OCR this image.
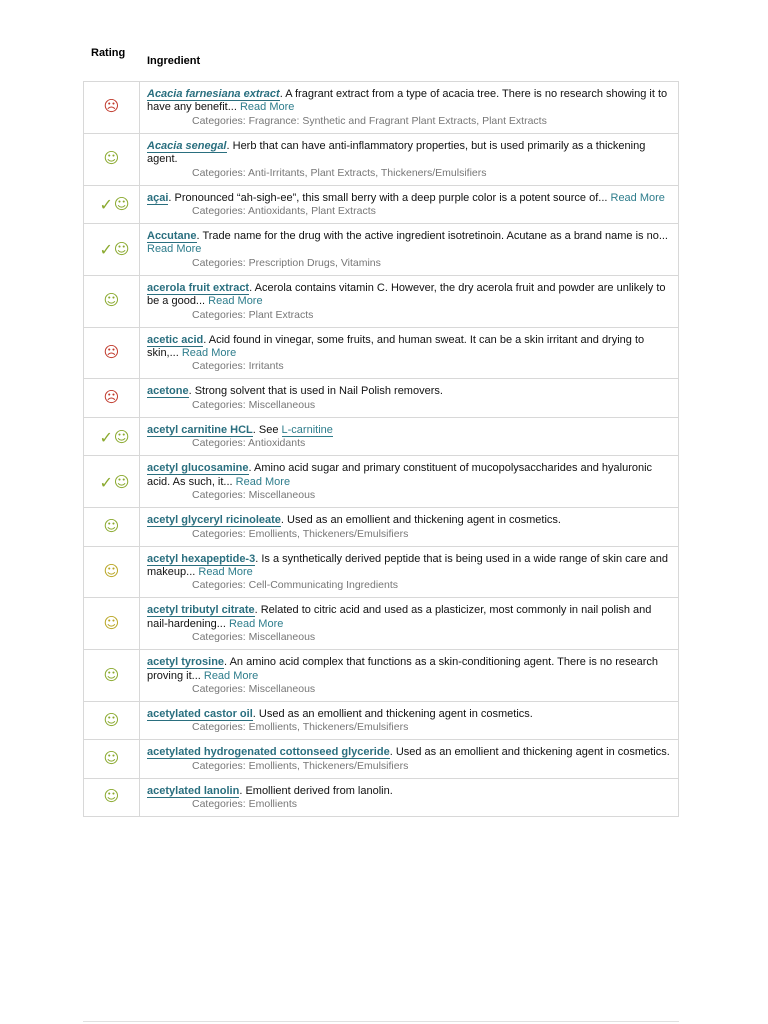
Rating
Ingredient
☹	Acacia farnesiana extract. A fragrant extract from a type of acacia tree. There is no research showing it to have any benefit... Read More
Categories: Fragrance: Synthetic and Fragrant Plant Extracts, Plant Extracts

☺	Acacia senegal. Herb that can have anti-inflammatory properties, but is used primarily as a thickening agent.
Categories: Anti-Irritants, Plant Extracts, Thickeners/Emulsifiers

✓☺	açai. Pronounced “ah-sigh-ee”, this small berry with a deep purple color is a potent source of... Read More
Categories: Antioxidants, Plant Extracts

✓☺	Accutane. Trade name for the drug with the active ingredient isotretinoin. Acutane as a brand name is no... Read More
Categories: Prescription Drugs, Vitamins

☺	acerola fruit extract. Acerola contains vitamin C. However, the dry acerola fruit and powder are unlikely to be a good... Read More
Categories: Plant Extracts

☹	acetic acid. Acid found in vinegar, some fruits, and human sweat. It can be a skin irritant and drying to skin,... Read More
Categories: Irritants

☹	acetone. Strong solvent that is used in Nail Polish removers.
Categories: Miscellaneous

✓☺	acetyl carnitine HCL. See L-carnitine
Categories: Antioxidants

✓☺	acetyl glucosamine. Amino acid sugar and primary constituent of mucopolysaccharides and hyaluronic acid. As such, it... Read More
Categories: Miscellaneous

☺	acetyl glyceryl ricinoleate. Used as an emollient and thickening agent in cosmetics.
Categories: Emollients, Thickeners/Emulsifiers

☺	acetyl hexapeptide-3. Is a synthetically derived peptide that is being used in a wide range of skin care and makeup... Read More
Categories: Cell-Communicating Ingredients

☺	acetyl tributyl citrate. Related to citric acid and used as a plasticizer, most commonly in nail polish and nail-hardening... Read More
Categories: Miscellaneous

☺	acetyl tyrosine. An amino acid complex that functions as a skin-conditioning agent. There is no research proving it... Read More
Categories: Miscellaneous

☺	acetylated castor oil. Used as an emollient and thickening agent in cosmetics.
Categories: Emollients, Thickeners/Emulsifiers

☺	acetylated hydrogenated cottonseed glyceride. Used as an emollient and thickening agent in cosmetics.
Categories: Emollients, Thickeners/Emulsifiers

☺	acetylated lanolin. Emollient derived from lanolin.
Categories: Emollients
